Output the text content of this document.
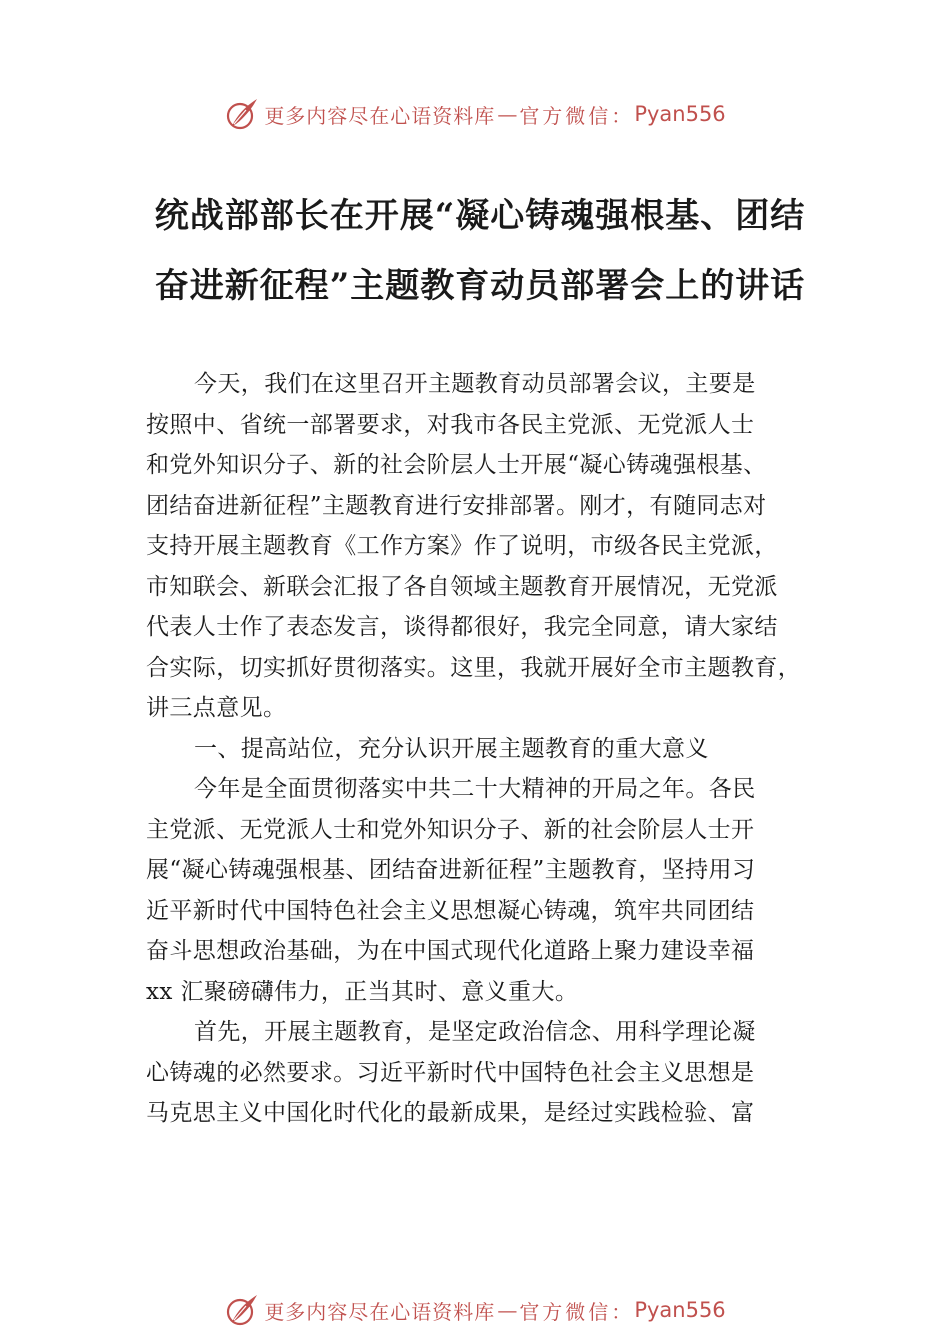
更多内容尽在心语资料库 — 官方微信： Pyan556
统战部部长在开展“凝心铸魂强根基、团结
奋进新征程”主题教育动员部署会上的讲话
今天，我们在这里召开主题教育动员部署会议，主要是
按照中、省统一部署要求，对我市各民主党派、无党派人士
和党外知识分子、新的社会阶层人士开展“凝心铸魂强根基、
团结奋进新征程”主题教育进行安排部署。刚才，有随同志对
支持开展主题教育《工作方案》作了说明，市级各民主党派，
市知联会、新联会汇报了各自领域主题教育开展情况，无党派
代表人士作了表态发言，谈得都很好，我完全同意，请大家结
合实际，切实抓好贯彻落实。这里，我就开展好全市主题教育，
讲三点意见。
一、提高站位，充分认识开展主题教育的重大意义
今年是全面贯彻落实中共二十大精神的开局之年。各民
主党派、无党派人士和党外知识分子、新的社会阶层人士开
展“凝心铸魂强根基、团结奋进新征程”主题教育，坚持用习
近平新时代中国特色社会主义思想凝心铸魂，筑牢共同团结
奋斗思想政治基础，为在中国式现代化道路上聚力建设幸福
xx 汇聚磅礴伟力，正当其时、意义重大。
首先，开展主题教育，是坚定政治信念、用科学理论凝
心铸魂的必然要求。习近平新时代中国特色社会主义思想是
马克思主义中国化时代化的最新成果，是经过实践检验、富
更多内容尽在心语资料库 — 官方微信： Pyan556
